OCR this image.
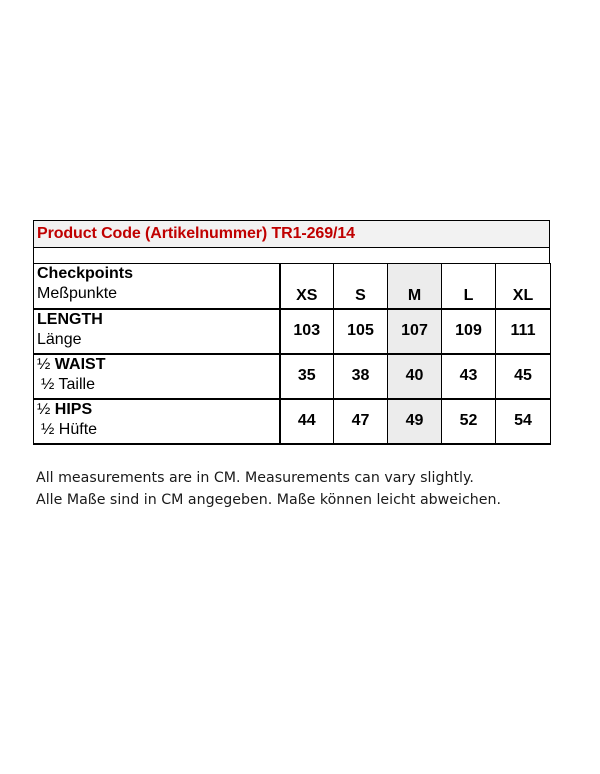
Product Code (Artikelnummer) TR1-269/14
Checkpoints
Meßpunkte	XS	S	M	L	XL

LENGTH
Länge	103	105	107	109	111

½ WAIST
½ Taille	35	38	40	43	45

½ HIPS
½ Hüfte	44	47	49	52	54
All measurements are in CM. Measurements can vary slightly.
Alle Maße sind in CM angegeben. Maße können leicht abweichen.
